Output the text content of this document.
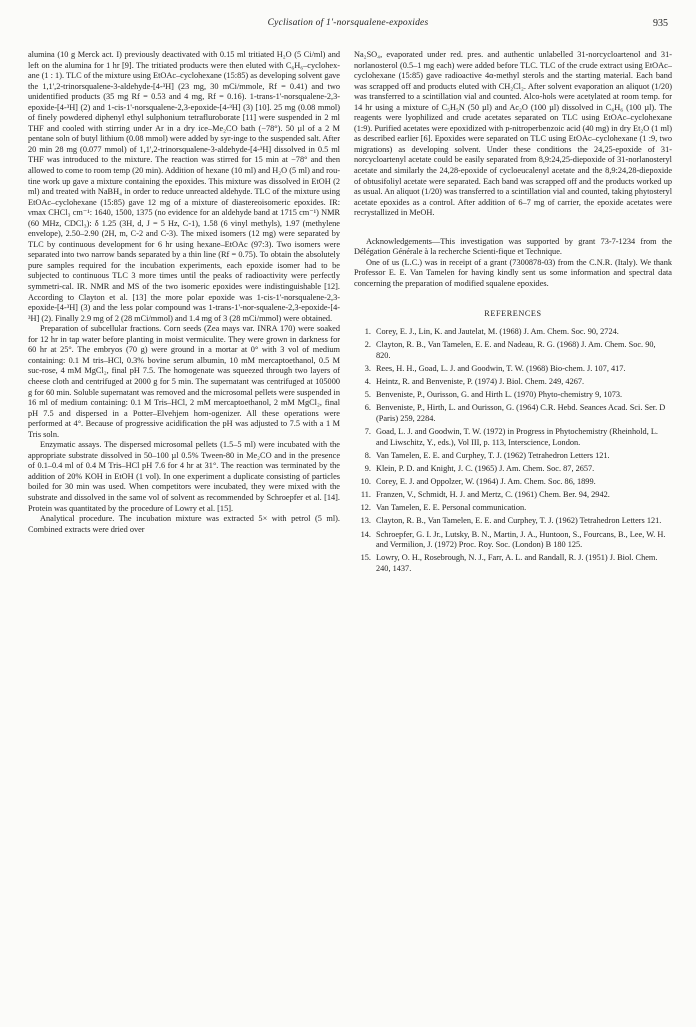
Cyclisation of 1'-norsqualene-expoxides	935

alumina (10 g Merck act. I) previously deactivated with 0.15 ml tritiated H₂O (5 Ci/ml) and left on the alumina for 1 hr [9]. The tritiated products were then eluted with C₆H₆–cyclohex-ane (1 : 1). TLC of the mixture using EtOAc–cyclohexane (15:85) as developing solvent gave the 1,1',2-trinorsqualene-3-aldehyde-[4-³H] (23 mg, 30 mCi/mmole, Rf = 0.41) and two unidentified products (35 mg Rf = 0.53 and 4 mg, Rf = 0.16). 1-trans-1'-norsqualene-2,3-epoxide-[4-³H] (2) and 1-cis-1'-norsqualene-2,3-epoxide-[4-³H] (3) [10]. 25 mg (0.08 mmol) of finely powdered diphenyl ethyl sulphonium tetrafluroborate [11] were suspended in 2 ml THF and cooled with stirring under Ar in a dry ice–Me₂CO bath (−78°). 50 µl of a 2 M pentane soln of butyl lithium (0.08 mmol) were added by syr-inge to the suspended salt. After 20 min 28 mg (0.077 mmol) of 1,1',2-trinorsqualene-3-aldehyde-[4-³H] dissolved in 0.5 ml THF was introduced to the mixture. The reaction was stirred for 15 min at −78° and then allowed to come to room temp (20 min). Addition of hexane (10 ml) and H₂O (5 ml) and rou-tine work up gave a mixture containing the epoxides. This mixture was dissolved in EtOH (2 ml) and treated with NaBH₄ in order to reduce unreacted aldehyde. TLC of the mixture using EtOAc–cyclohexane (15:85) gave 12 mg of a mixture of diastereoisomeric epoxides. IR: νmax CHCl₃ cm⁻¹: 1640, 1500, 1375 (no evidence for an aldehyde band at 1715 cm⁻¹) NMR (60 MHz, CDCl₃): δ 1.25 (3H, d, J = 5 Hz, C-1), 1.58 (6 vinyl methyls), 1.97 (methylene envelope), 2.50–2.90 (2H, m, C-2 and C-3). The mixed isomers (12 mg) were separated by TLC by continuous development for 6 hr using hexane–EtOAc (97:3). Two isomers were separated into two narrow bands separated by a thin line (Rf = 0.75). To obtain the absolutely pure samples required for the incubation experiments, each epoxide isomer had to be subjected to continuous TLC 3 more times until the peaks of radioactivity were perfectly symmetri-cal. IR. NMR and MS of the two isomeric epoxides were indistinguishable [12]. According to Clayton et al. [13] the more polar epoxide was 1-cis-1'-norsqualene-2,3-epoxide-[4-³H] (3) and the less polar compound was 1-trans-1'-nor-squalene-2,3-epoxide-[4-³H] (2). Finally 2.9 mg of 2 (28 mCi/mmol) and 1.4 mg of 3 (28 mCi/mmol) were obtained.

Preparation of subcellular fractions. Corn seeds (Zea mays var. INRA 170) were soaked for 12 hr in tap water before planting in moist vermiculite. They were grown in darkness for 60 hr at 25°. The embryos (70 g) were ground in a mortar at 0° with 3 vol of medium containing: 0.1 M tris–HCl, 0.3% bovine serum albumin, 10 mM mercaptoethanol, 0.5 M suc-rose, 4 mM MgCl₂, final pH 7.5. The homogenate was squeezed through two layers of cheese cloth and centrifuged at 2000 g for 5 min. The supernatant was centrifuged at 105000 g for 60 min. Soluble supernatant was removed and the microsomal pellets were suspended in 16 ml of medium containing: 0.1 M Tris–HCl, 2 mM mercaptoethanol, 2 mM MgCl₂, final pH 7.5 and dispersed in a Potter–Elvehjem hom-ogenizer. All these operations were performed at 4°. Because of progressive acidification the pH was adjusted to 7.5 with a 1 M Tris soln.

Enzymatic assays. The dispersed microsomal pellets (1.5–5 ml) were incubated with the appropriate substrate dissolved in 50–100 µl 0.5% Tween-80 in Me₂CO and in the presence of 0.1–0.4 ml of 0.4 M Tris–HCl pH 7.6 for 4 hr at 31°. The reaction was terminated by the addition of 20% KOH in EtOH (1 vol). In one experiment a duplicate consisting of particles boiled for 30 min was used. When competitors were incubated, they were mixed with the substrate and dissolved in the same vol of solvent as recommended by Schroepfer et al. [14]. Protein was quantitated by the procedure of Lowry et al. [15].

Analytical procedure. The incubation mixture was extracted 5× with petrol (5 ml). Combined extracts were dried over

Na₂SO₄, evaporated under red. pres. and authentic unlabelled 31-norcycloartenol and 31-norlanosterol (0.5–1 mg each) were added before TLC. TLC of the crude extract using EtOAc–cyclohexane (15:85) gave radioactive 4α-methyl sterols and the starting material. Each band was scrapped off and products eluted with CH₂Cl₂. After solvent evaporation an aliquot (1/20) was transferred to a scintillation vial and counted. Alco-hols were acetylated at room temp. for 14 hr using a mixture of C₅H₅N (50 µl) and Ac₂O (100 µl) dissolved in C₆H₆ (100 µl). The reagents were lyophilized and crude acetates separated on TLC using EtOAc–cyclohexane (1:9). Purified acetates were epoxidized with p-nitroperbenzoic acid (40 mg) in dry Et₂O (1 ml) as described earlier [6]. Epoxides were separated on TLC using EtOAc–cyclohexane (1 :9, two migrations) as developing solvent. Under these conditions the 24,25-epoxide of 31-norcycloartenyl acetate could be easily separated from 8,9:24,25-diepoxide of 31-norlanosteryl acetate and similarly the 24,28-epoxide of cycloeucalenyl acetate and the 8,9:24,28-diepoxide of obtusifoliyl acetate were separated. Each band was scrapped off and the products worked up as usual. An aliquot (1/20) was transferred to a scintillation vial and counted, taking phytosteryl acetate epoxides as a control. After addition of 6–7 mg of carrier, the epoxide acetates were recrystallized in MeOH.

Acknowledgements—This investigation was supported by grant 73-7-1234 from the Délégation Générale à la recherche Scienti-fique et Technique.

One of us (L.C.) was in receipt of a grant (7300878-03) from the C.N.R. (Italy). We thank Professor E. E. Van Tamelen for having kindly sent us some information and spectral data concerning the preparation of modified squalene epoxides.

REFERENCES
1. Corey, E. J., Lin, K. and Jautelat, M. (1968) J. Am. Chem. Soc. 90, 2724.
2. Clayton, R. B., Van Tamelen, E. E. and Nadeau, R. G. (1968) J. Am. Chem. Soc. 90, 820.
3. Rees, H. H., Goad, L. J. and Goodwin, T. W. (1968) Bio-chem. J. 107, 417.
4. Heintz, R. and Benveniste, P. (1974) J. Biol. Chem. 249, 4267.
5. Benveniste, P., Ourisson, G. and Hirth L. (1970) Phyto-chemistry 9, 1073.
6. Benveniste, P., Hirth, L. and Ourisson, G. (1964) C.R. Hebd. Seances Acad. Sci. Ser. D (Paris) 259, 2284.
7. Goad, L. J. and Goodwin, T. W. (1972) in Progress in Phytochemistry (Rheinhold, L. and Liwschitz, Y., eds.), Vol III, p. 113, Interscience, London.
8. Van Tamelen, E. E. and Curphey, T. J. (1962) Tetrahedron Letters 121.
9. Klein, P. D. and Knight, J. C. (1965) J. Am. Chem. Soc. 87, 2657.
10. Corey, E. J. and Oppolzer, W. (1964) J. Am. Chem. Soc. 86, 1899.
11. Franzen, V., Schmidt, H. J. and Mertz, C. (1961) Chem. Ber. 94, 2942.
12. Van Tamelen, E. E. Personal communication.
13. Clayton, R. B., Van Tamelen, E. E. and Curphey, T. J. (1962) Tetrahedron Letters 121.
14. Schroepfer, G. I. Jr., Lutsky, B. N., Martin, J. A., Huntoon, S., Fourcans, B., Lee, W. H. and Vermilion, J. (1972) Proc. Roy. Soc. (London) B 180 125.
15. Lowry, O. H., Rosebrough, N. J., Farr, A. L. and Randall, R. J. (1951) J. Biol. Chem. 240, 1437.
